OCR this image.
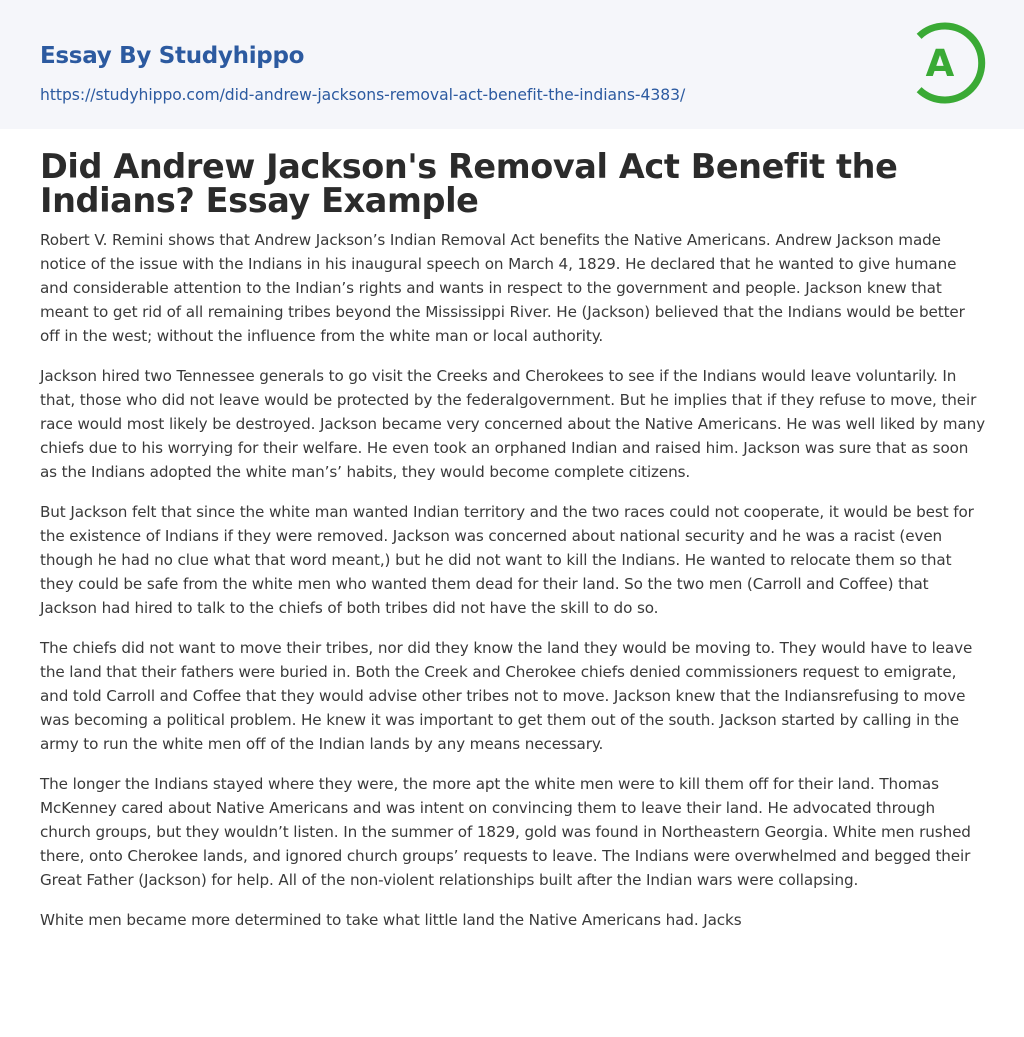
Essay By Studyhippo
https://studyhippo.com/did-andrew-jacksons-removal-act-benefit-the-indians-4383/
A
Did Andrew Jackson's Removal Act Benefit the Indians? Essay Example

Robert V. Remini shows that Andrew Jackson’s Indian Removal Act benefits the Native Americans. Andrew Jackson made notice of the issue with the Indians in his inaugural speech on March 4, 1829. He declared that he wanted to give humane and considerable attention to the Indian’s rights and wants in respect to the government and people. Jackson knew that meant to get rid of all remaining tribes beyond the Mississippi River. He (Jackson) believed that the Indians would be better off in the west; without the influence from the white man or local authority.

Jackson hired two Tennessee generals to go visit the Creeks and Cherokees to see if the Indians would leave voluntarily. In that, those who did not leave would be protected by the federalgovernment. But he implies that if they refuse to move, their race would most likely be destroyed. Jackson became very concerned about the Native Americans. He was well liked by many chiefs due to his worrying for their welfare. He even took an orphaned Indian and raised him. Jackson was sure that as soon as the Indians adopted the white man’s’ habits, they would become complete citizens.

But Jackson felt that since the white man wanted Indian territory and the two races could not cooperate, it would be best for the existence of Indians if they were removed. Jackson was concerned about national security and he was a racist (even though he had no clue what that word meant,) but he did not want to kill the Indians. He wanted to relocate them so that they could be safe from the white men who wanted them dead for their land. So the two men (Carroll and Coffee) that Jackson had hired to talk to the chiefs of both tribes did not have the skill to do so.

The chiefs did not want to move their tribes, nor did they know the land they would be moving to. They would have to leave the land that their fathers were buried in. Both the Creek and Cherokee chiefs denied commissioners request to emigrate, and told Carroll and Coffee that they would advise other tribes not to move. Jackson knew that the Indiansrefusing to move was becoming a political problem. He knew it was important to get them out of the south. Jackson started by calling in the army to run the white men off of the Indian lands by any means necessary.

The longer the Indians stayed where they were, the more apt the white men were to kill them off for their land. Thomas McKenney cared about Native Americans and was intent on convincing them to leave their land. He advocated through church groups, but they wouldn’t listen. In the summer of 1829, gold was found in Northeastern Georgia. White men rushed there, onto Cherokee lands, and ignored church groups’ requests to leave. The Indians were overwhelmed and begged their Great Father (Jackson) for help. All of the non-violent relationships built after the Indian wars were collapsing.

White men became more determined to take what little land the Native Americans had. Jacks
